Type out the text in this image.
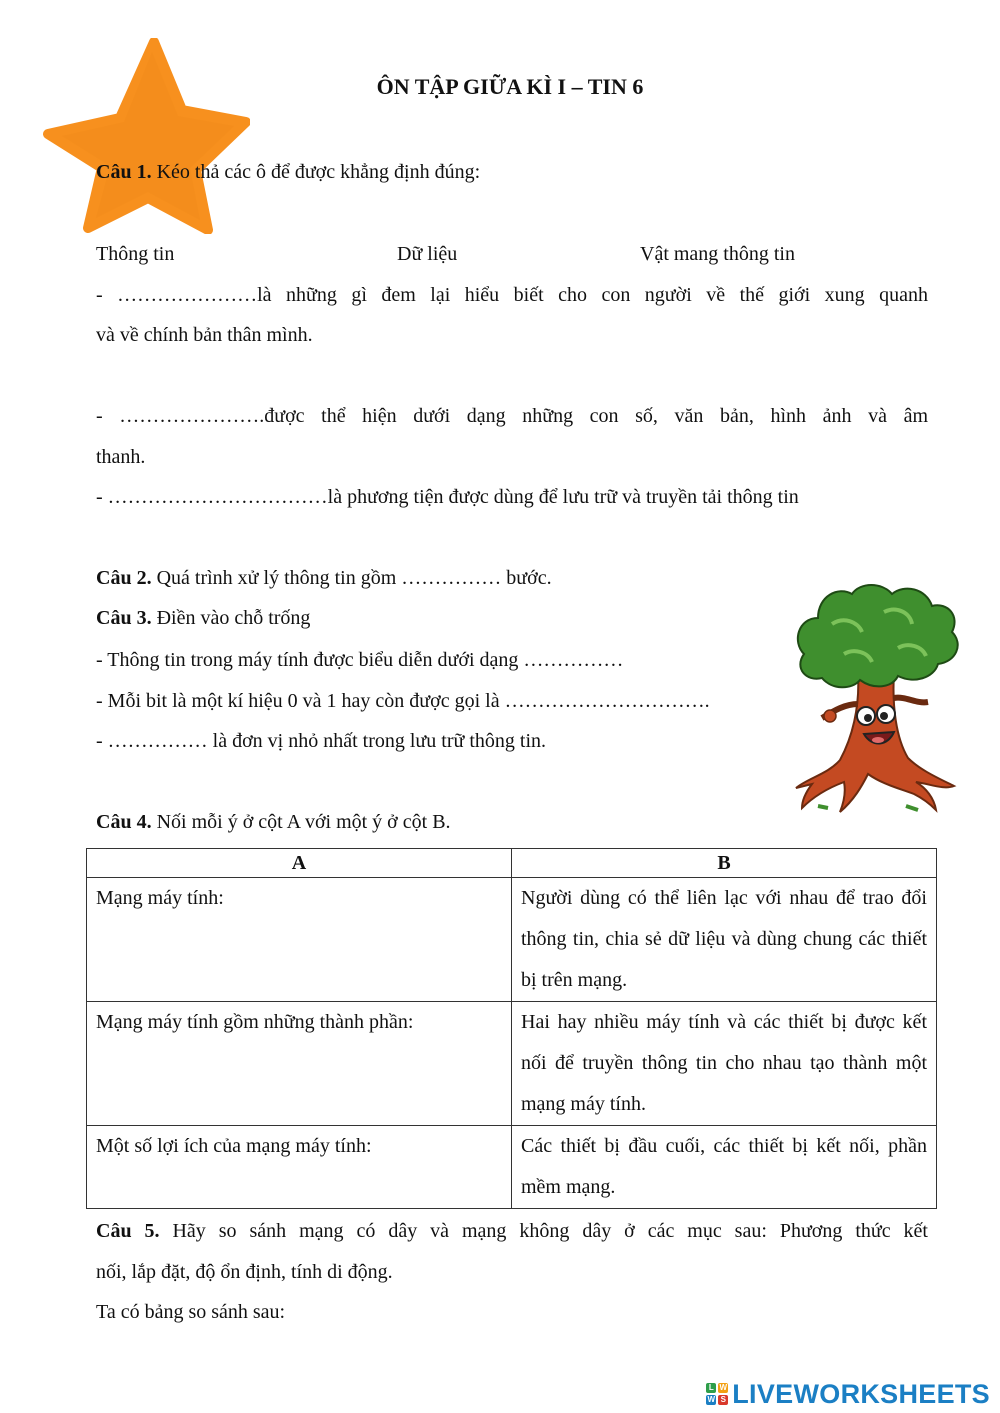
ÔN TẬP GIỮA KÌ I – TIN 6
Câu 1. Kéo thả các ô để được khẳng định đúng:
Thông tin	Dữ liệu	Vật mang thông tin
- …………………là những gì đem lại hiểu biết cho con người về thế giới xung quanh
và về chính bản thân mình.
- ………………….được thể hiện dưới dạng những con số, văn bản, hình ảnh và âm
thanh.
- ……………………………là phương tiện được dùng để lưu trữ và truyền tải thông tin
Câu 2. Quá trình xử lý thông tin gồm …………… bước.
Câu 3. Điền vào chỗ trống
- Thông tin trong máy tính được biểu diễn dưới dạng ……………
- Mỗi bit là một kí hiệu 0 và 1 hay còn được gọi là ………………………….
- …………… là đơn vị nhỏ nhất trong lưu trữ thông tin.
Câu 4. Nối mỗi ý ở cột A với một ý ở cột B.
A	B
Mạng máy tính:	Người dùng có thể liên lạc với nhau để trao đổi thông tin, chia sẻ dữ liệu và dùng chung các thiết bị trên mạng.
Mạng máy tính gồm những thành phần:	Hai hay nhiều máy tính và các thiết bị được kết nối để truyền thông tin cho nhau tạo thành một mạng máy tính.
Một số lợi ích của mạng máy tính:	Các thiết bị đầu cuối, các thiết bị kết nối, phần mềm mạng.
Câu 5. Hãy so sánh mạng có dây và mạng không dây ở các mục sau: Phương thức kết
nối, lắp đặt, độ ổn định, tính di động.
Ta có bảng so sánh sau:
L W
W S LIVEWORKSHEETS
